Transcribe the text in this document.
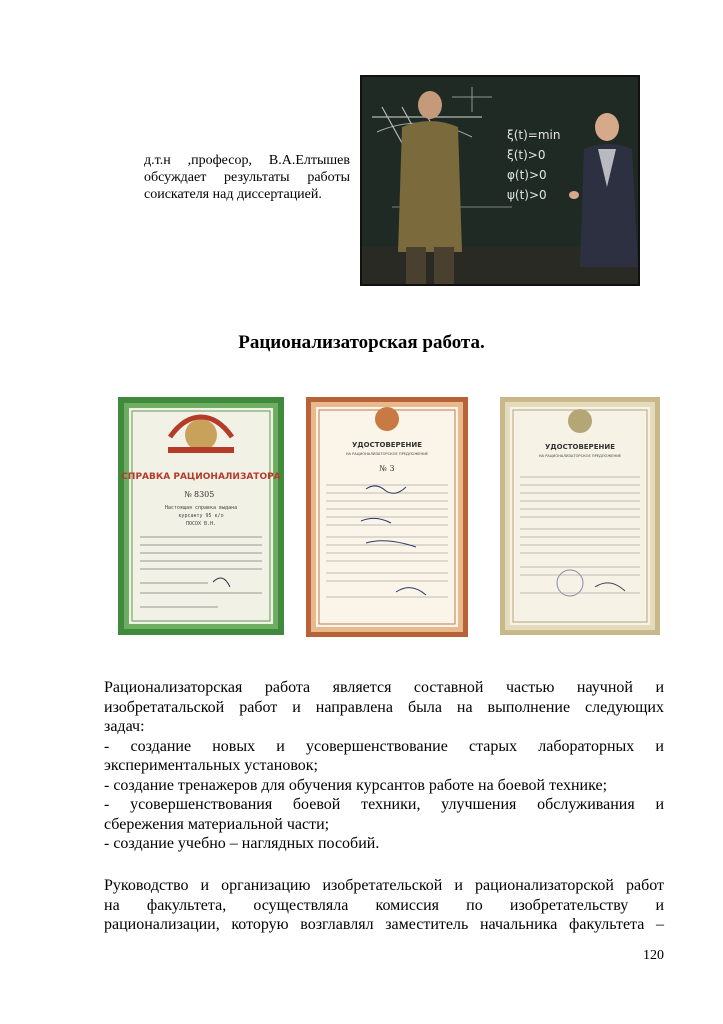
д.т.н ,професор, В.А.Елтышев
обсуждает результаты работы
соискателя над диссертацией.
ξ(t)=min
ξ(t)>0
φ(t)>0
ψ(t)>0
Рационализаторская работа.
СПРАВКА РАЦИОНАЛИЗАТОРА
№ 8305
Настоящая справка выдана
курсанту 95 к/о
ПОСОХ В.Н.
УДОСТОВЕРЕНИЕ
НА РАЦИОНАЛИЗАТОРСКОЕ ПРЕДЛОЖЕНИЕ
№ 3
УДОСТОВЕРЕНИЕ
НА РАЦИОНАЛИЗАТОРСКОЕ ПРЕДЛОЖЕНИЕ
Рационализаторская работа является составной частью научной и
изобретатальской работ и направлена была на выполнение следующих
задач:
- создание новых и усовершенствование старых лабораторных и
экспериментальных установок;
- создание тренажеров для обучения курсантов работе на боевой технике;
- усовершенствования боевой техники, улучшения обслуживания и
сбережения материальной части;
- создание учебно – наглядных пособий.
Руководство и организацию изобретательской и рационализаторской работ
на факультета, осуществляла комиссия по изобретательству и
рационализации, которую возглавлял заместитель начальника факультета –
120
